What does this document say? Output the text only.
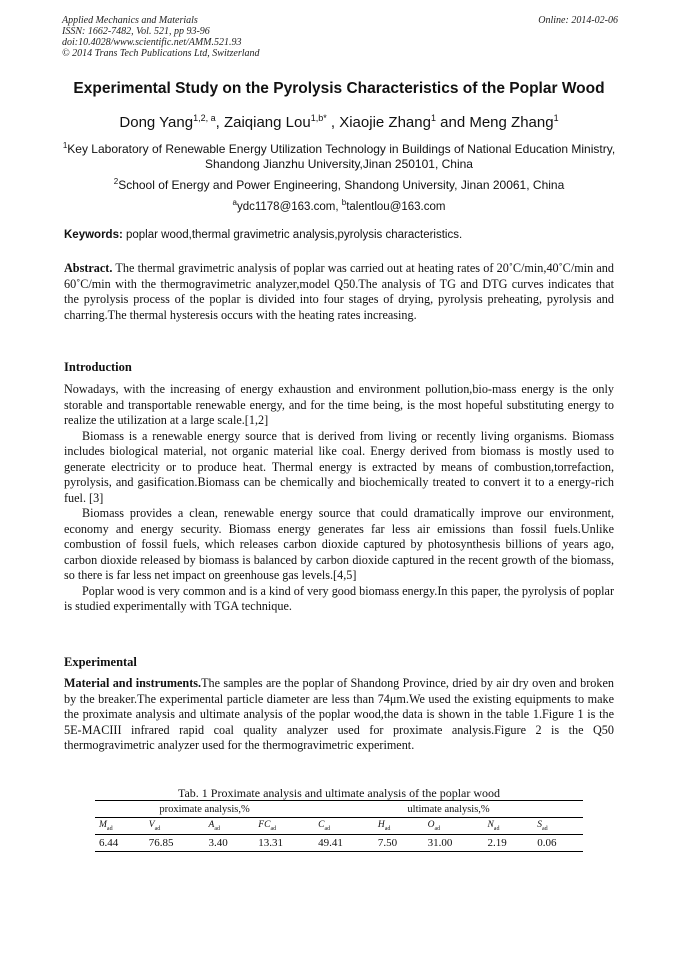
Applied Mechanics and Materials
ISSN: 1662-7482, Vol. 521, pp 93-96
doi:10.4028/www.scientific.net/AMM.521.93
© 2014 Trans Tech Publications Ltd, Switzerland
Online: 2014-02-06
Experimental Study on the Pyrolysis Characteristics of the Poplar Wood
Dong Yang$^{1,2, a}$, Zaiqiang Lou$^{1,b*}$ , Xiaojie Zhang$^1$ and Meng Zhang$^1$
$^1$Key Laboratory of Renewable Energy Utilization Technology in Buildings of National Education Ministry, Shandong Jianzhu University,Jinan 250101, China
$^2$School of Energy and Power Engineering, Shandong University, Jinan 20061, China
$^a$ydc1178@163.com, $^b$talentlou@163.com
Keywords: poplar wood,thermal gravimetric analysis,pyrolysis characteristics.

Abstract. The thermal gravimetric analysis of poplar was carried out at heating rates of 20˚C/min,40˚C/min and 60˚C/min with the thermogravimetric analyzer,model Q50.The analysis of TG and DTG curves indicates that the pyrolysis process of the poplar is divided into four stages of drying, pyrolysis preheating, pyrolysis and charring.The thermal hysteresis occurs with the heating rates increasing.

Introduction

Nowadays, with the increasing of energy exhaustion and environment pollution,bio-mass energy is the only storable and transportable renewable energy, and for the time being, is the most hopeful substituting energy to realize the utilization at a large scale.[1,2]

Biomass is a renewable energy source that is derived from living or recently living organisms. Biomass includes biological material, not organic material like coal. Energy derived from biomass is mostly used to generate electricity or to produce heat. Thermal energy is extracted by means of combustion,torrefaction, pyrolysis, and gasification.Biomass can be chemically and biochemically treated to convert it to a energy-rich fuel. [3]

Biomass provides a clean, renewable energy source that could dramatically improve our environment, economy and energy security. Biomass energy generates far less air emissions than fossil fuels.Unlike combustion of fossil fuels, which releases carbon dioxide captured by photosynthesis billions of years ago, carbon dioxide released by biomass is balanced by carbon dioxide captured in the recent growth of the biomass, so there is far less net impact on greenhouse gas levels.[4,5]

Poplar wood is very common and is a kind of very good biomass energy.In this paper, the pyrolysis of poplar is studied experimentally with TGA technique.

Experimental

Material and instruments.The samples are the poplar of Shandong Province, dried by air dry oven and broken by the breaker.The experimental particle diameter are less than 74μm.We used the existing equipments to make the proximate analysis and ultimate analysis of the poplar wood,the data is shown in the table 1.Figure 1 is the 5E-MACIII infrared rapid coal quality analyzer used for proximate analysis.Figure 2 is the Q50 thermogravimetric analyzer used for the thermogravimetric experiment.

Tab. 1 Proximate analysis and ultimate analysis of the poplar wood
proximate analysis,%				ultimate analysis,%				
$M_{ad}$	$V_{ad}$	$A_{ad}$	$FC_{ad}$	$C_{ad}$	$H_{ad}$	$O_{ad}$	$N_{ad}$	$S_{ad}$
6.44	76.85	3.40	13.31	49.41	7.50	31.00	2.19	0.06
